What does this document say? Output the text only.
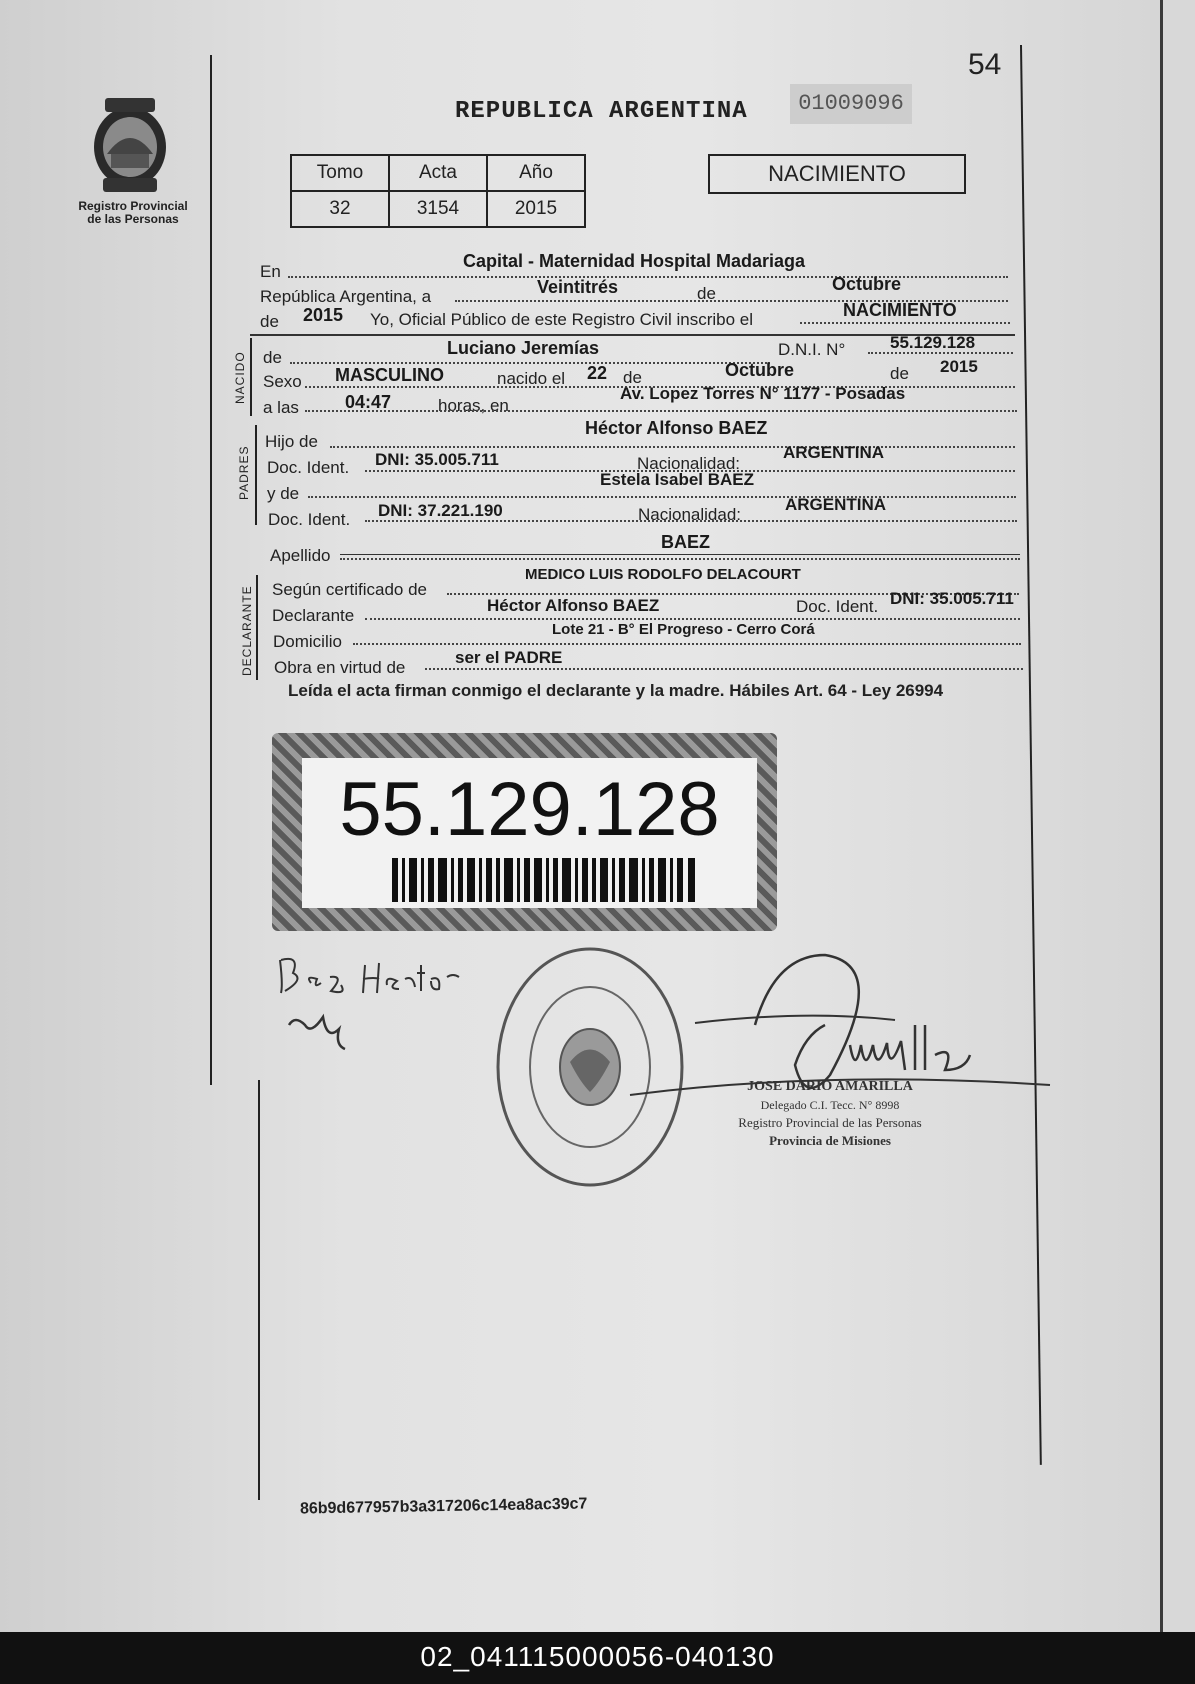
54
Registro Provincial
de las Personas
REPUBLICA ARGENTINA	01009096
Tomo	Acta	Año
32	3154	2015
NACIMIENTO
En
Capital - Maternidad Hospital Madariaga
República Argentina, a	Veintitrés	de	Octubre
de 2015 Yo, Oficial Público de este Registro Civil inscribo el	NACIMIENTO
NACIDO de	Luciano Jeremías	D.N.I. N°	55.129.128
Sexo MASCULINO	nacido el 22 de	Octubre	de 2015
a las	04:47	horas, en
Av. Lopez Torres N° 1177 - Posadas
PADRES
Hijo de
Héctor Alfonso BAEZ
Doc. Ident. DNI: 35.005.711	Nacionalidad:
ARGENTINA
y de
Estela Isabel BAEZ
Doc. Ident. DNI: 37.221.190	Nacionalidad:
ARGENTINA
Apellido
BAEZ
DECLARANTE Según certificado de
MEDICO LUIS RODOLFO DELACOURT
Declarante
Héctor Alfonso BAEZ	Doc. Ident. DNI: 35.005.711
Domicilio
Lote 21 - B° El Progreso - Cerro Corá
Obra en virtud de
ser el PADRE
Leída el acta firman conmigo el declarante y la madre. Hábiles Art. 64 - Ley 26994
55.129.128
JOSE DARIO AMARILLA
Delegado C.I. Tecc. N° 8998
Registro Provincial de las Personas
Provincia de Misiones
86b9d677957b3a317206c14ea8ac39c7
02_041115000056-040130
